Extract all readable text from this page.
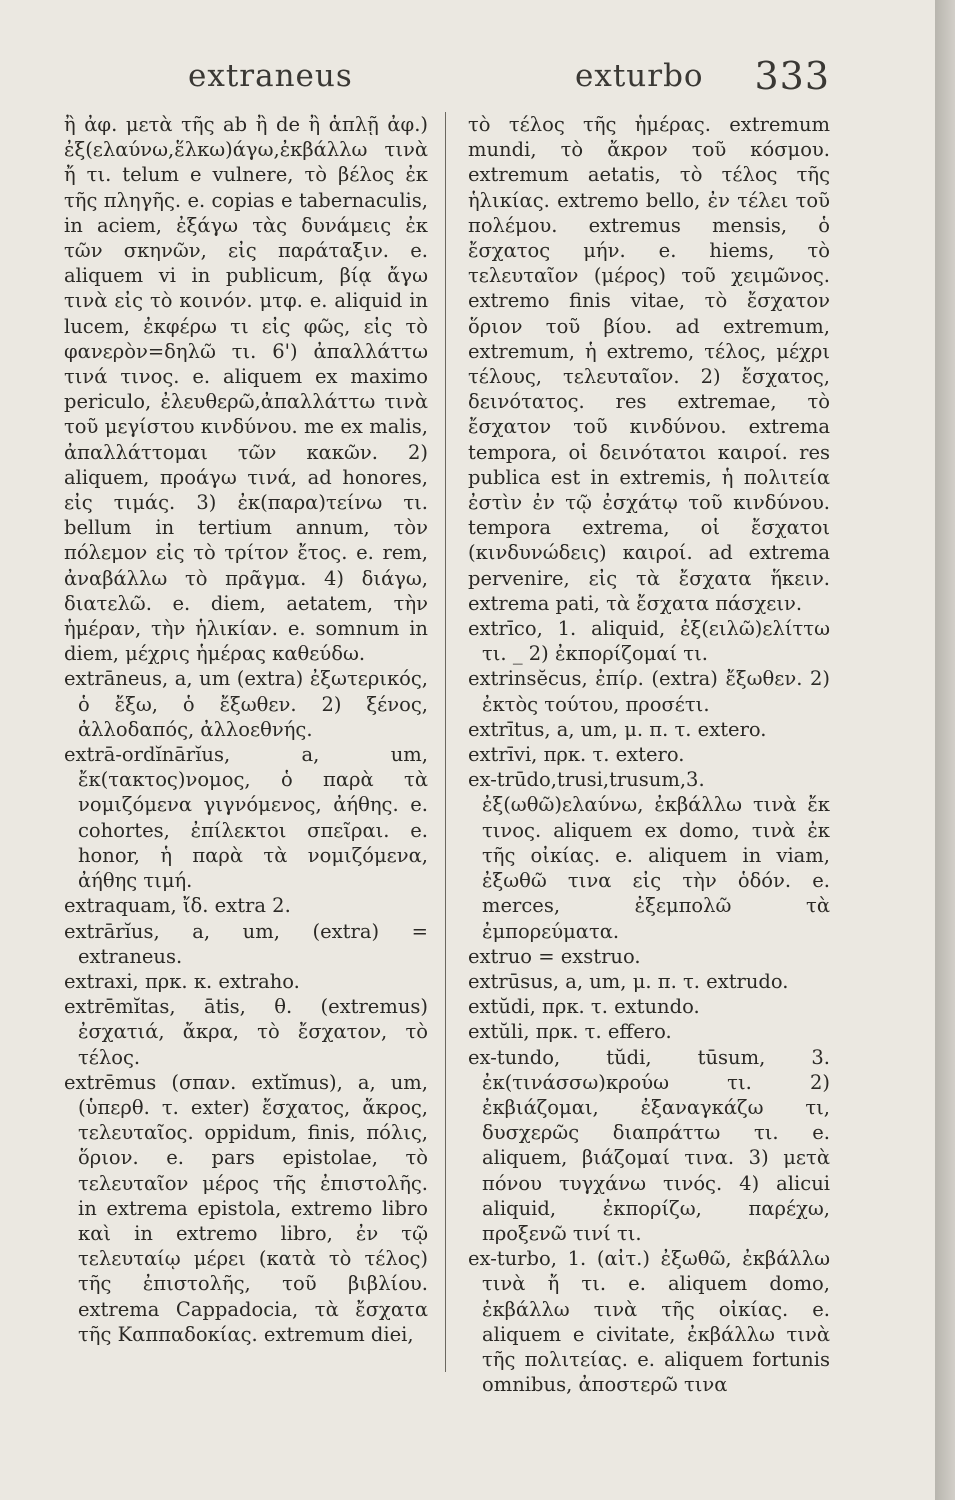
extraneus	exturbo 333

ἢ ἀφ. μετὰ τῆς ab ἢ de ἢ ἁπλῇ ἀφ.) ἐξ(ελαύνω,ἕλκω)άγω,ἐκβάλλω τινὰ ἤ τι. telum e vulnere, τὸ βέλος ἐκ τῆς πληγῆς. e. copias e tabernaculis, in aciem, ἐξάγω τὰς δυνάμεις ἐκ τῶν σκηνῶν, εἰς παράταξιν. e. aliquem vi in publicum, βίᾳ ἄγω τινὰ εἰς τὸ κοινόν. μτφ. e. aliquid in lucem, ἐκφέρω τι εἰς φῶς, εἰς τὸ φανερὸν=δηλῶ τι. 6') ἀπαλλάττω τινά τινος. e. aliquem ex maximo periculo, ἐλευθερῶ,ἀπαλλάττω τινὰ τοῦ μεγίστου κινδύνου. me ex malis, ἀπαλλάττομαι τῶν κακῶν. 2) aliquem, προάγω τινά, ad honores, εἰς τιμάς. 3) ἐκ(παρα)τείνω τι. bellum in tertium annum, τὸν πόλεμον εἰς τὸ τρίτον ἔτος. e. rem, ἀναβάλλω τὸ πρᾶγμα. 4) διάγω, διατελῶ. e. diem, aetatem, τὴν ἡμέραν, τὴν ἡλικίαν. e. somnum in diem, μέχρις ἡμέρας καθεύδω.

extrāneus, a, um (extra) ἐξωτερικός, ὁ ἔξω, ὁ ἔξωθεν. 2) ξένος, ἀλλοδαπός, ἀλλοεθνής.

extrā-ordĭnārĭus, a, um, ἔκ(τακτος)νομος, ὁ παρὰ τὰ νομιζόμενα γιγνόμενος, ἀήθης. e. cohortes, ἐπίλεκτοι σπεῖραι. e. honor, ἡ παρὰ τὰ νομιζόμενα, ἀήθης τιμή.

extraquam, ἴδ. extra 2.

extrārĭus, a, um, (extra) = extraneus.

extraxi, πρκ. κ. extraho.

extrēmĭtas, ātis, θ. (extremus) ἐσχατιά, ἄκρα, τὸ ἔσχατον, τὸ τέλος.

extrēmus (σπαν. extĭmus), a, um, (ὑπερθ. τ. exter) ἔσχατος, ἄκρος, τελευταῖος. oppidum, finis, πόλις, ὅριον. e. pars epistolae, τὸ τελευταῖον μέρος τῆς ἐπιστολῆς. in extrema epistola, extremo libro καὶ in extremo libro, ἐν τῷ τελευταίῳ μέρει (κατὰ τὸ τέλος) τῆς ἐπιστολῆς, τοῦ βιβλίου. extrema Cappadocia, τὰ ἔσχατα τῆς Καππαδοκίας. extremum diei,

τὸ τέλος τῆς ἡμέρας. extremum mundi, τὸ ἄκρον τοῦ κόσμου. extremum aetatis, τὸ τέλος τῆς ἡλικίας. extremo bello, ἐν τέλει τοῦ πολέμου. extremus mensis, ὁ ἔσχατος μήν. e. hiems, τὸ τελευταῖον (μέρος) τοῦ χειμῶνος. extremo finis vitae, τὸ ἔσχατον ὅριον τοῦ βίου. ad extremum, extremum, ἡ extremo, τέλος, μέχρι τέλους, τελευταῖον. 2) ἔσχατος, δεινότατος. res extremae, τὸ ἔσχατον τοῦ κινδύνου. extrema tempora, οἱ δεινότατοι καιροί. res publica est in extremis, ἡ πολιτεία ἐστὶν ἐν τῷ ἐσχάτῳ τοῦ κινδύνου. tempora extrema, οἱ ἔσχατοι (κινδυνώδεις) καιροί. ad extrema pervenire, εἰς τὰ ἔσχατα ἥκειν. extrema pati, τὰ ἔσχατα πάσχειν.

extrīco, 1. aliquid, ἐξ(ειλῶ)ελίττω τι. _ 2) ἐκπορίζομαί τι.

extrinsĕcus, ἐπίρ. (extra) ἔξωθεν. 2) ἐκτὸς τούτου, προσέτι.

extrītus, a, um, μ. π. τ. extero.

extrīvi, πρκ. τ. extero.

ex-trūdo,trusi,trusum,3. ἐξ(ωθῶ)ελαύνω, ἐκβάλλω τινὰ ἔκ τινος. aliquem ex domo, τινὰ ἐκ τῆς οἰκίας. e. aliquem in viam, ἐξωθῶ τινα εἰς τὴν ὁδόν. e. merces, ἐξεμπολῶ τὰ ἐμπορεύματα.

extruo = exstruo.

extrūsus, a, um, μ. π. τ. extrudo.

extŭdi, πρκ. τ. extundo.

extŭli, πρκ. τ. effero.

ex-tundo, tŭdi, tūsum, 3. ἐκ(τινάσσω)κρούω τι. 2) ἐκβιάζομαι, ἐξαναγκάζω τι, δυσχερῶς διαπράττω τι. e. aliquem, βιάζομαί τινα. 3) μετὰ πόνου τυγχάνω τινός. 4) alicui aliquid, ἐκπορίζω, παρέχω, προξενῶ τινί τι.

ex-turbo, 1. (αἰτ.) ἐξωθῶ, ἐκβάλλω τινὰ ἤ τι. e. aliquem domo, ἐκβάλλω τινὰ τῆς οἰκίας. e. aliquem e civitate, ἐκβάλλω τινὰ τῆς πολιτείας. e. aliquem fortunis omnibus, ἀποστερῶ τινα
